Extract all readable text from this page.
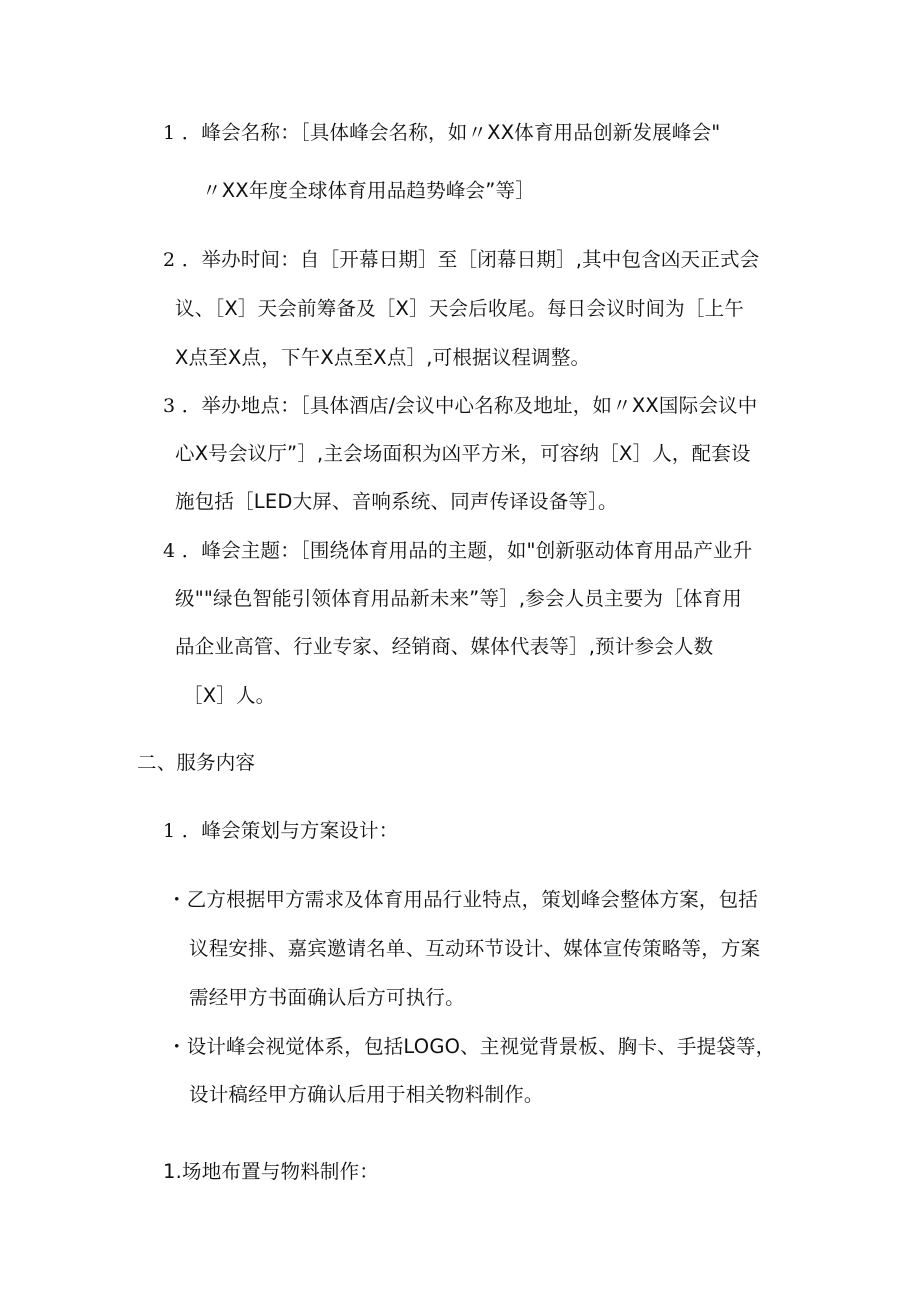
1 ．峰会名称：［具体峰会名称，如〃XX体育用品创新发展峰会"
〃XX年度全球体育用品趋势峰会”等］
2 ．举办时间：自［开幕日期］至［闭幕日期］,其中包含凶天正式会
议、［X］天会前筹备及［X］天会后收尾。每日会议时间为［上午
X点至X点，下午X点至X点］,可根据议程调整。
3 ．举办地点：［具体酒店/会议中心名称及地址，如〃XX国际会议中
心X号会议厅”］,主会场面积为凶平方米，可容纳［X］人，配套设
施包括［LED大屏、音响系统、同声传译设备等］。
4 ．峰会主题：［围绕体育用品的主题，如"创新驱动体育用品产业升
级""绿色智能引领体育用品新未来”等］,参会人员主要为［体育用
品企业高管、行业专家、经销商、媒体代表等］,预计参会人数
［X］人。
二、服务内容
1 ．峰会策划与方案设计：
・乙方根据甲方需求及体育用品行业特点，策划峰会整体方案，包括
议程安排、嘉宾邀请名单、互动环节设计、媒体宣传策略等，方案
需经甲方书面确认后方可执行。
・设计峰会视觉体系，包括LOGO、主视觉背景板、胸卡、手提袋等，
设计稿经甲方确认后用于相关物料制作。
1.场地布置与物料制作：
